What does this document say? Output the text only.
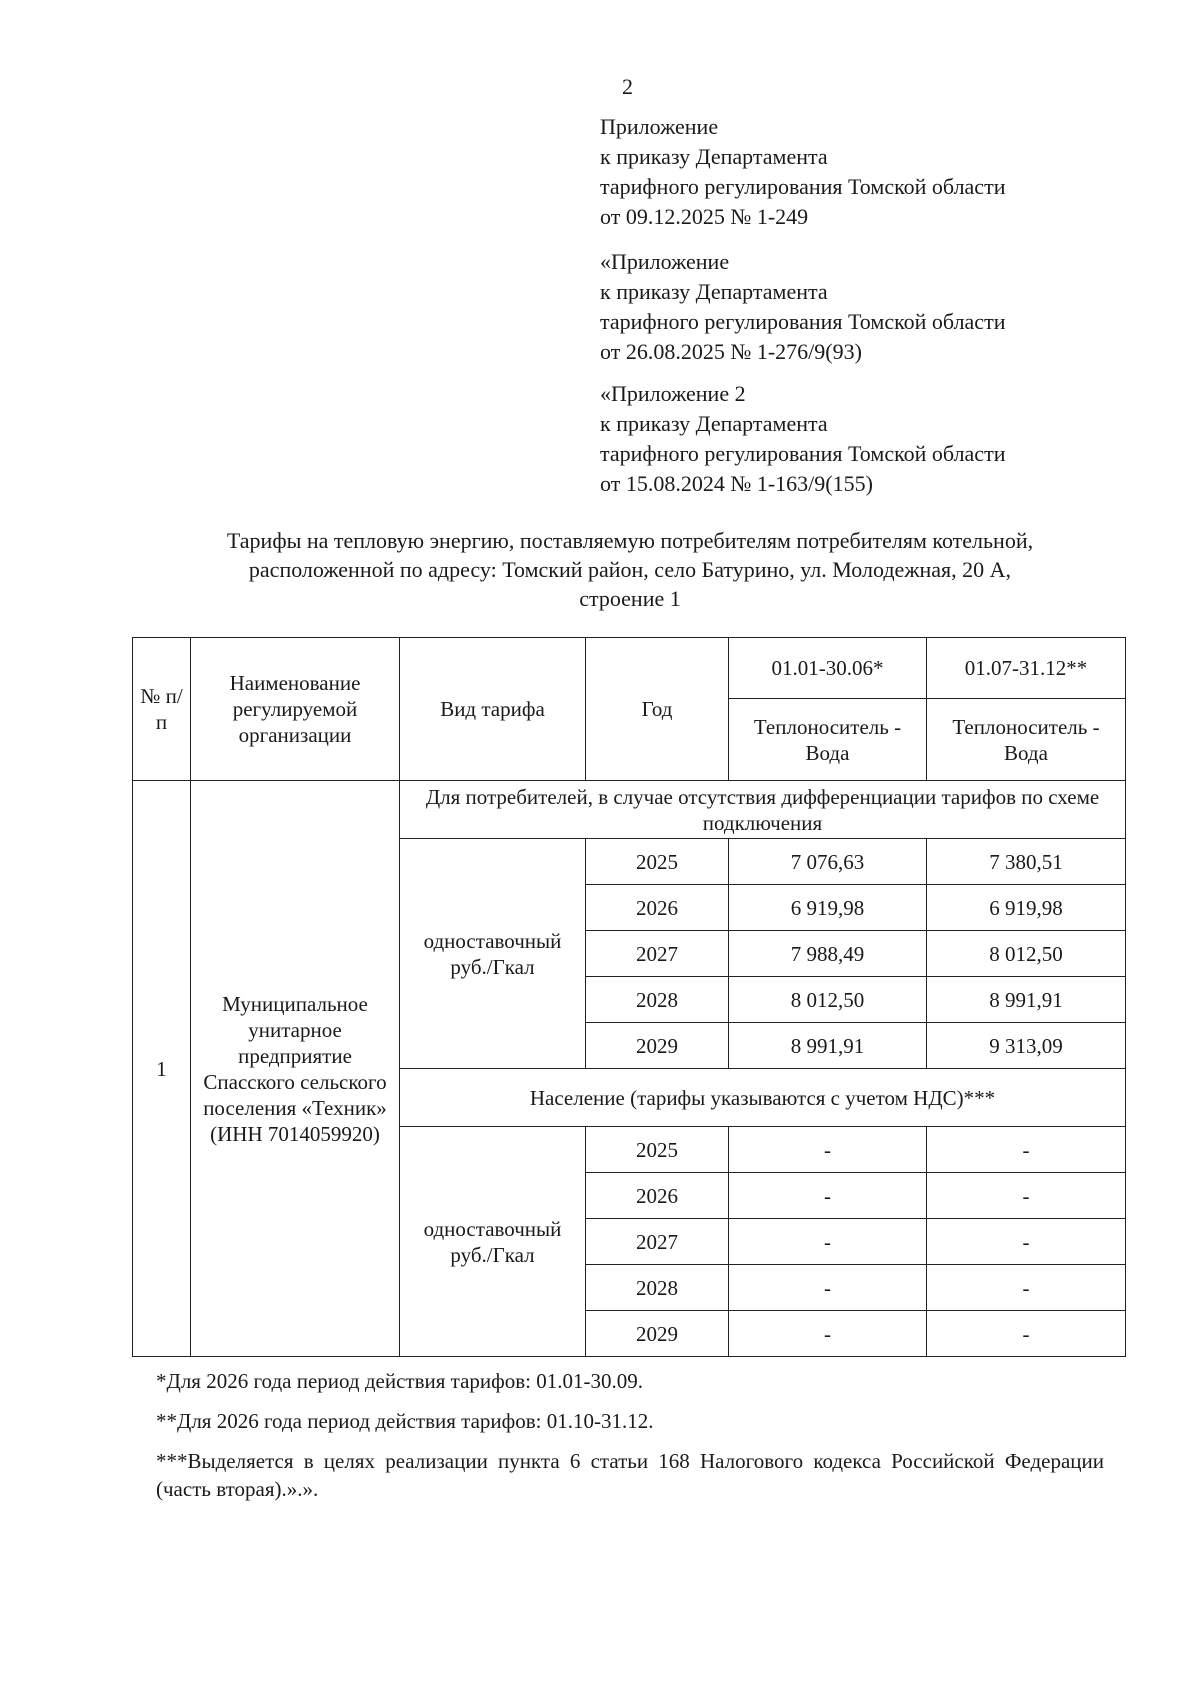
2
Приложение
к приказу Департамента
тарифного регулирования Томской области
от 09.12.2025 № 1-249
«Приложение
к приказу Департамента
тарифного регулирования Томской области
от 26.08.2025 № 1-276/9(93)
«Приложение 2
к приказу Департамента
тарифного регулирования Томской области
от 15.08.2024 № 1-163/9(155)
Тарифы на тепловую энергию, поставляемую потребителям потребителям котельной,
расположенной по адресу: Томский район, село Батурино, ул. Молодежная, 20 А,
строение 1
№ п/п	Наименование регулируемой организации	Вид тарифа	Год	01.01-30.06*	01.07-31.12**
				Теплоноситель - Вода	Теплоноситель - Вода
1	Муниципальное унитарное предприятие Спасского сельского поселения «Техник» (ИНН 7014059920)	Для потребителей, в случае отсутствия дифференциации тарифов по схеме подключения			
		одноставочный руб./Гкал	2025	7 076,63	7 380,51
			2026	6 919,98	6 919,98
			2027	7 988,49	8 012,50
			2028	8 012,50	8 991,91
			2029	8 991,91	9 313,09
		Население (тарифы указываются с учетом НДС)***			
		одноставочный руб./Гкал	2025	-	-
			2026	-	-
			2027	-	-
			2028	-	-
			2029	-	-

*Для 2026 года период действия тарифов: 01.01-30.09.

**Для 2026 года период действия тарифов: 01.10-31.12.

***Выделяется в целях реализации пункта 6 статьи 168 Налогового кодекса Российской Федерации (часть вторая).».».
